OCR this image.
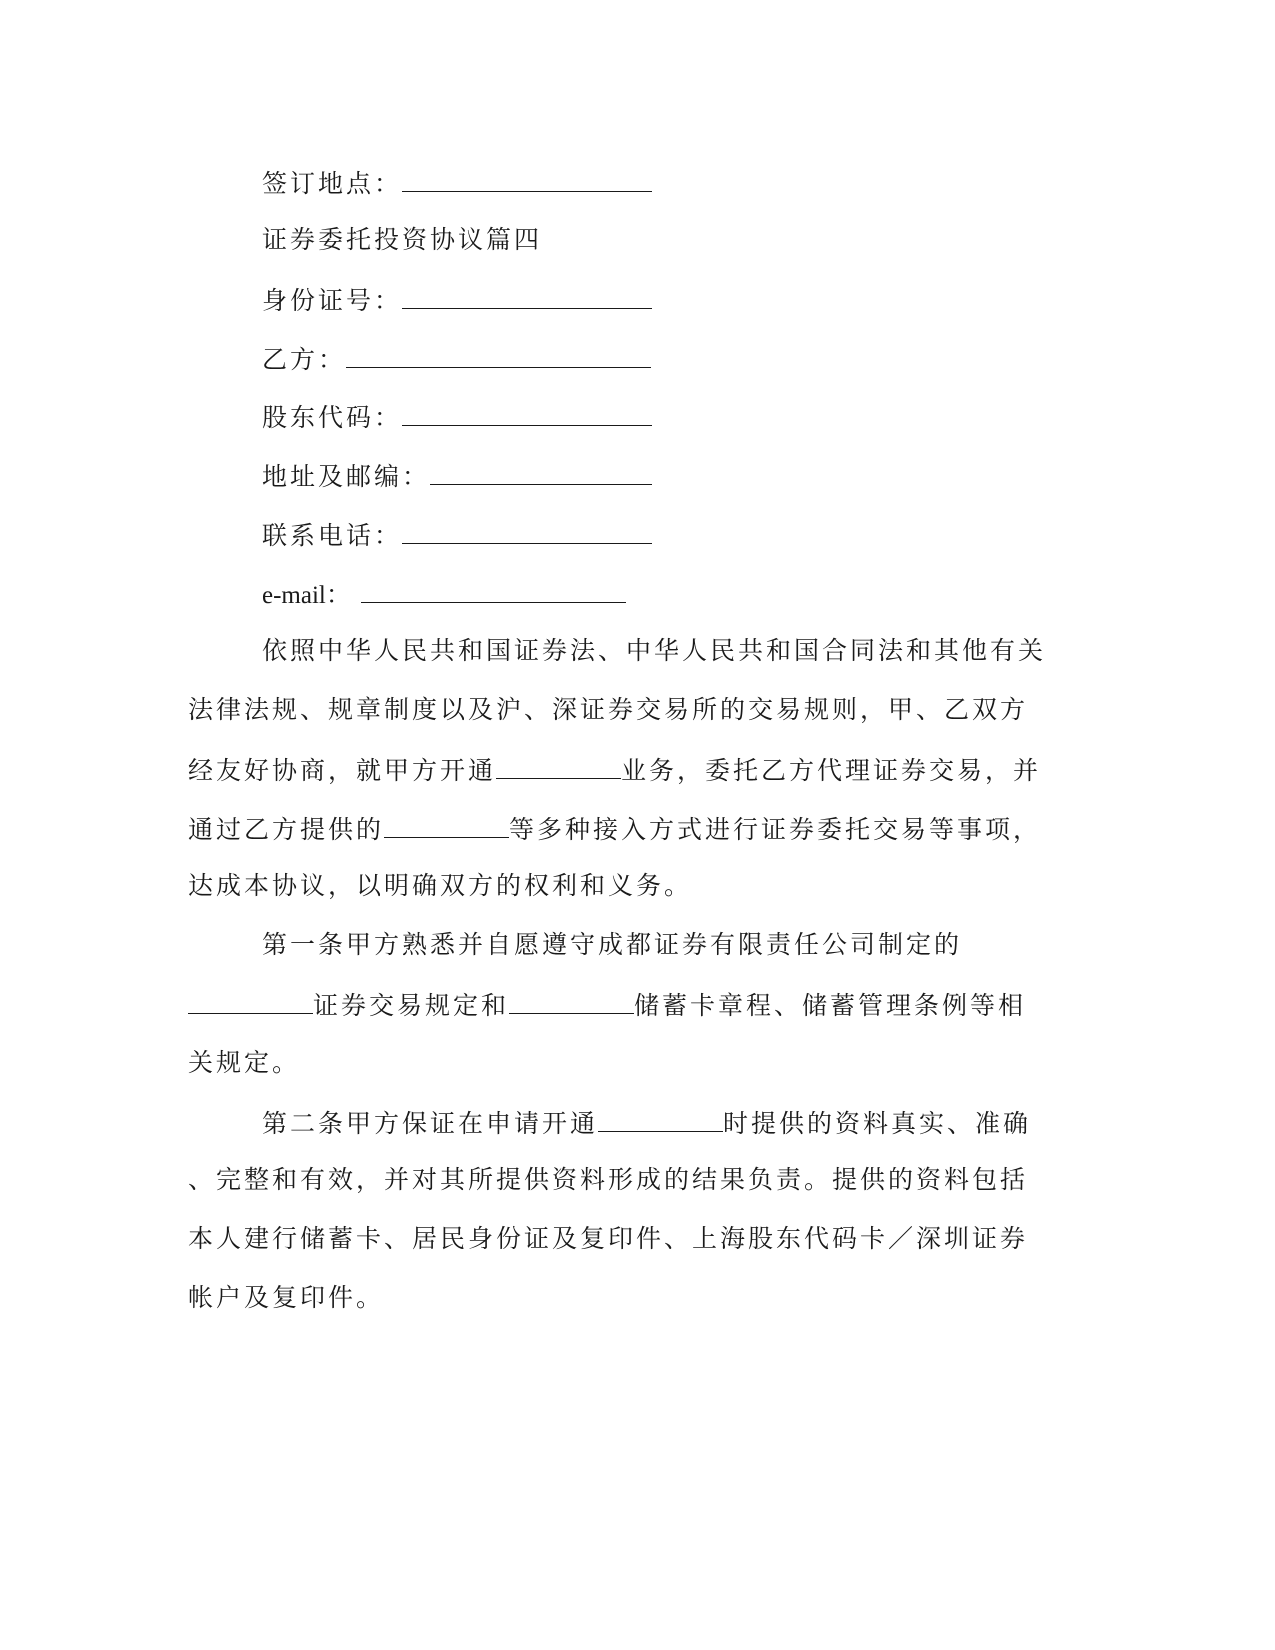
签订地点：
证券委托投资协议篇四
身份证号：
乙方：
股东代码：
地址及邮编：
联系电话：
e-mail：
依照中华人民共和国证券法、中华人民共和国合同法和其他有关
法律法规、规章制度以及沪、深证券交易所的交易规则，甲、乙双方
经友好协商，就甲方开通	业务，委托乙方代理证券交易，并
通过乙方提供的	等多种接入方式进行证券委托交易等事项，
达成本协议，以明确双方的权利和义务。
第一条甲方熟悉并自愿遵守成都证券有限责任公司制定的
证券交易规定和	储蓄卡章程、储蓄管理条例等相
关规定。
第二条甲方保证在申请开通	时提供的资料真实、准确
、完整和有效，并对其所提供资料形成的结果负责。提供的资料包括
本人建行储蓄卡、居民身份证及复印件、上海股东代码卡／深圳证券
帐户及复印件。
